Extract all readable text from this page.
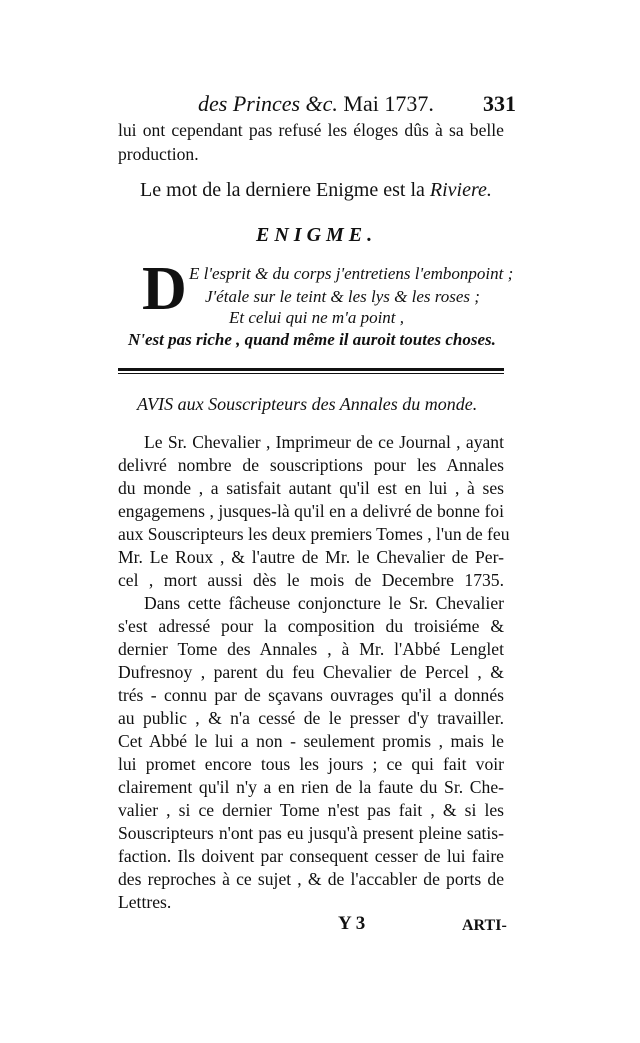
des Princes &c. Mai 1737. 331
lui ont cependant pas refusé les éloges dûs à sa belle
production.
Le mot de la derniere Enigme est la Riviere.
ENIGME.
D E l'esprit & du corps j'entretiens l'embonpoint ;
J'étale sur le teint & les lys & les roses ;
Et celui qui ne m'a point ,
N'est pas riche , quand même il auroit toutes choses.
AVIS aux Souscripteurs des Annales du monde.
Le Sr. Chevalier , Imprimeur de ce Journal , ayant
delivré nombre de souscriptions pour les Annales
du monde , a satisfait autant qu'il est en lui , à ses
engagemens , jusques-là qu'il en a delivré de bonne foi
aux Souscripteurs les deux premiers Tomes , l'un de feu
Mr. Le Roux , & l'autre de Mr. le Chevalier de Per-
cel , mort aussi dès le mois de Decembre 1735.
Dans cette fâcheuse conjoncture le Sr. Chevalier
s'est adressé pour la composition du troisiéme &
dernier Tome des Annales , à Mr. l'Abbé Lenglet
Dufresnoy , parent du feu Chevalier de Percel , &
trés - connu par de sçavans ouvrages qu'il a donnés
au public , & n'a cessé de le presser d'y travailler.
Cet Abbé le lui a non - seulement promis , mais le
lui promet encore tous les jours ; ce qui fait voir
clairement qu'il n'y a en rien de la faute du Sr. Che-
valier , si ce dernier Tome n'est pas fait , & si les
Souscripteurs n'ont pas eu jusqu'à present pleine satis-
faction. Ils doivent par consequent cesser de lui faire
des reproches à ce sujet , & de l'accabler de ports de
Lettres.
Y 3	ARTI-
